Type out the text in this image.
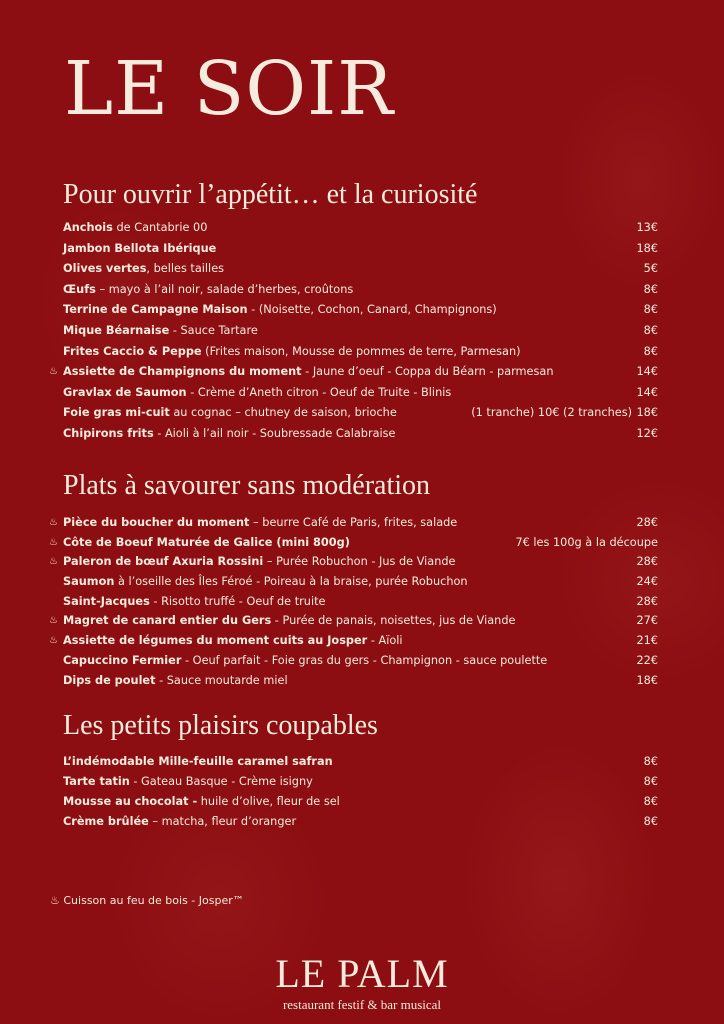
LE SOIR
Pour ouvrir l’appétit… et la curiosité
Anchois de Cantabrie 00	13€
Jambon Bellota Ibérique	18€
Olives vertes, belles tailles	5€
Œufs – mayo à l’ail noir, salade d’herbes, croûtons	8€
Terrine de Campagne Maison - (Noisette, Cochon, Canard, Champignons)	8€
Mique Béarnaise - Sauce Tartare	8€
Frites Caccio & Peppe (Frites maison, Mousse de pommes de terre, Parmesan)	8€
♨ Assiette de Champignons du moment - Jaune d’oeuf - Coppa du Béarn - parmesan	14€
Gravlax de Saumon - Crème d’Aneth citron - Oeuf de Truite - Blinis	14€
Foie gras mi-cuit au cognac – chutney de saison, brioche	(1 tranche) 10€ (2 tranches) 18€
Chipirons frits - Aioli à l’ail noir - Soubressade Calabraise	12€
Plats à savourer sans modération
♨ Pièce du boucher du moment – beurre Café de Paris, frites, salade	28€
♨ Côte de Boeuf Maturée de Galice (mini 800g)	7€ les 100g à la découpe
♨ Paleron de bœuf Axuria Rossini – Purée Robuchon - Jus de Viande	28€
Saumon à l’oseille des Îles Féroé - Poireau à la braise, purée Robuchon	24€
Saint-Jacques - Risotto truffé - Oeuf de truite	28€
♨ Magret de canard entier du Gers - Purée de panais, noisettes, jus de Viande	27€
♨ Assiette de légumes du moment cuits au Josper - Aïoli	21€
Capuccino Fermier - Oeuf parfait - Foie gras du gers - Champignon - sauce poulette	22€
Dips de poulet - Sauce moutarde miel	18€
Les petits plaisirs coupables
L’indémodable Mille-feuille caramel safran	8€
Tarte tatin - Gateau Basque - Crème isigny	8€
Mousse au chocolat - huile d’olive, fleur de sel	8€
Crème brûlée – matcha, fleur d’oranger	8€
♨ Cuisson au feu de bois - Josper™
LE PALM
restaurant festif & bar musical
